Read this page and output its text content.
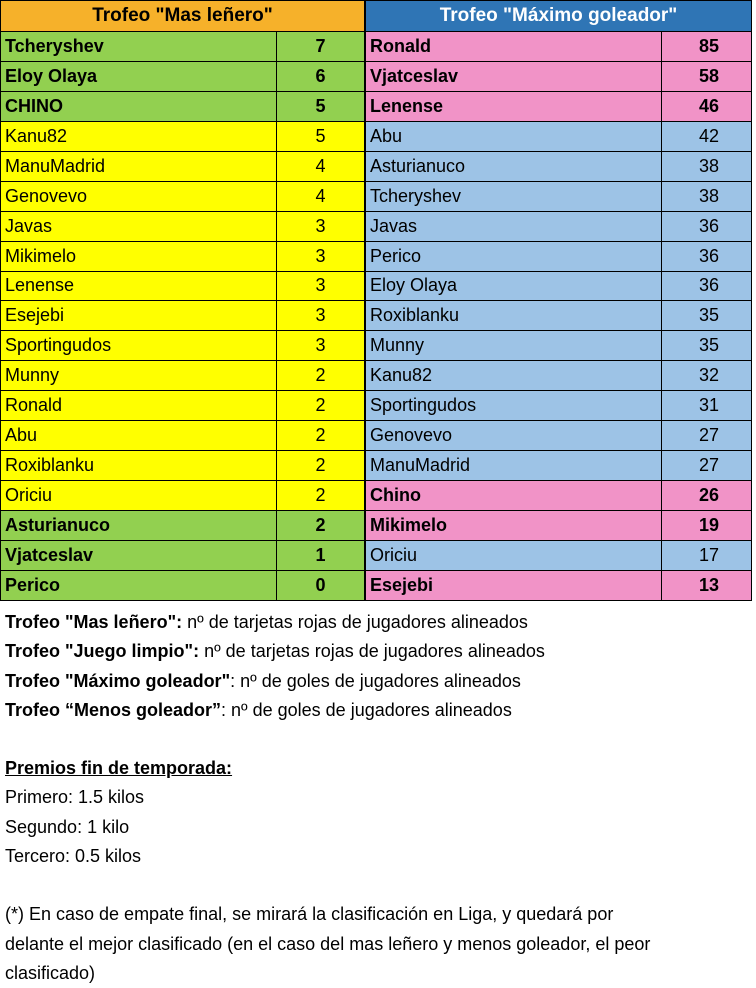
Trofeo "Mas leñero"	
Tcheryshev	7
Eloy Olaya	6
CHINO	5
Kanu82	5
ManuMadrid	4
Genovevo	4
Javas	3
Mikimelo	3
Lenense	3
Esejebi	3
Sportingudos	3
Munny	2
Ronald	2
Abu	2
Roxiblanku	2
Oriciu	2
Asturianuco	2
Vjatceslav	1
Perico	0
Trofeo "Máximo goleador"	
Ronald	85
Vjatceslav	58
Lenense	46
Abu	42
Asturianuco	38
Tcheryshev	38
Javas	36
Perico	36
Eloy Olaya	36
Roxiblanku	35
Munny	35
Kanu82	32
Sportingudos	31
Genovevo	27
ManuMadrid	27
Chino	26
Mikimelo	19
Oriciu	17
Esejebi	13

Trofeo "Mas leñero": nº de tarjetas rojas de jugadores alineados

Trofeo "Juego limpio": nº de tarjetas rojas de jugadores alineados

Trofeo "Máximo goleador": nº de goles de jugadores alineados

Trofeo “Menos goleador”: nº de goles de jugadores alineados

Premios fin de temporada:

Primero: 1.5 kilos

Segundo: 1 kilo

Tercero: 0.5 kilos

(*) En caso de empate final, se mirará la clasificación en Liga, y quedará por

delante el mejor clasificado (en el caso del mas leñero y menos goleador, el peor

clasificado)
